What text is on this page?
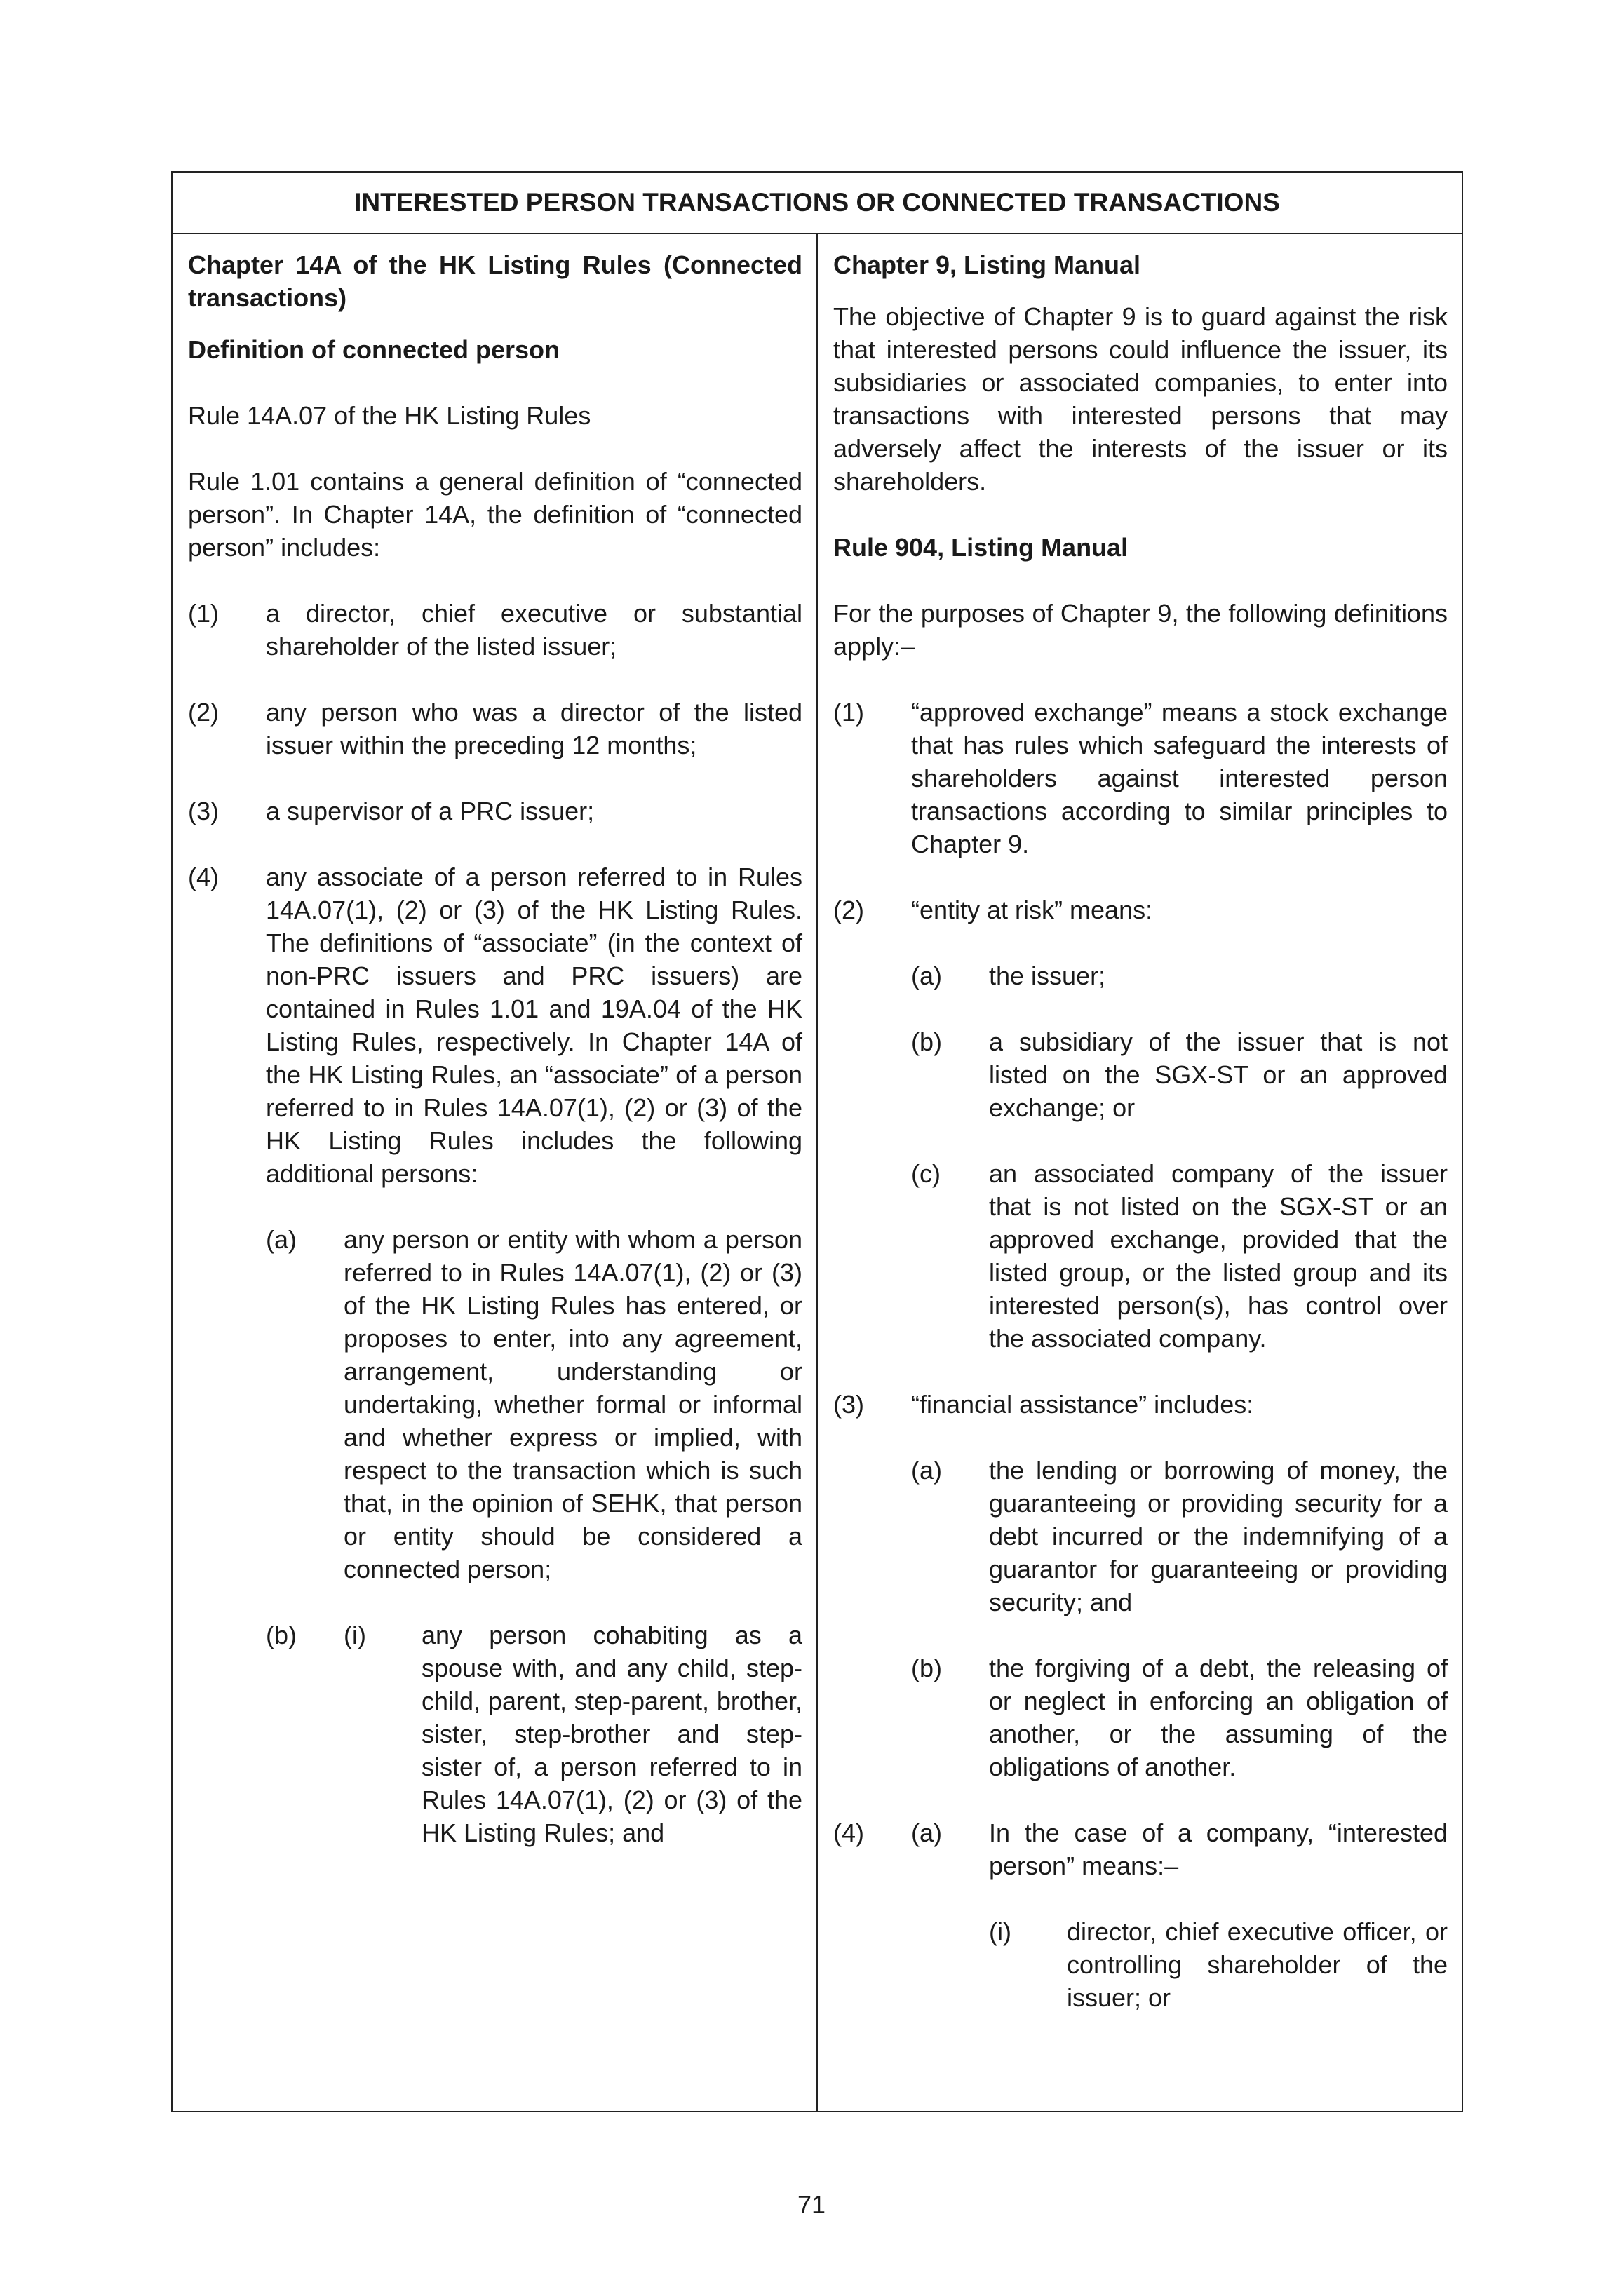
INTERESTED PERSON TRANSACTIONS OR CONNECTED TRANSACTIONS

Chapter 14A of the HK Listing Rules (Connected transactions)

Definition of connected person

Rule 14A.07 of the HK Listing Rules

Rule 1.01 contains a general definition of “connected person”. In Chapter 14A, the definition of “connected person” includes:

(1)	a director, chief executive or substantial shareholder of the listed issuer;
(2)	any person who was a director of the listed issuer within the preceding 12 months;
(3)	a supervisor of a PRC issuer;
(4)	any associate of a person referred to in Rules 14A.07(1), (2) or (3) of the HK Listing Rules. The definitions of “associate” (in the context of non-PRC issuers and PRC issuers) are contained in Rules 1.01 and 19A.04 of the HK Listing Rules, respectively. In Chapter 14A of the HK Listing Rules, an “associate” of a person referred to in Rules 14A.07(1), (2) or (3) of the HK Listing Rules includes the following additional persons:
(a)	any person or entity with whom a person referred to in Rules 14A.07(1), (2) or (3) of the HK Listing Rules has entered, or proposes to enter, into any agreement, arrangement, understanding or undertaking, whether formal or informal and whether express or implied, with respect to the transaction which is such that, in the opinion of SEHK, that person or entity should be considered a connected person;
(b)	(i)	any person cohabiting as a spouse with, and any child, step-child, parent, step-parent, brother, sister, step-brother and step-sister of, a person referred to in Rules 14A.07(1), (2) or (3) of the HK Listing Rules; and

Chapter 9, Listing Manual

The objective of Chapter 9 is to guard against the risk that interested persons could influence the issuer, its subsidiaries or associated companies, to enter into transactions with interested persons that may adversely affect the interests of the issuer or its shareholders.

Rule 904, Listing Manual

For the purposes of Chapter 9, the following definitions apply:–

(1)	“approved exchange” means a stock exchange that has rules which safeguard the interests of shareholders against interested person transactions according to similar principles to Chapter 9.
(2)	“entity at risk” means:
(a)	the issuer;
(b)	a subsidiary of the issuer that is not listed on the SGX-ST or an approved exchange; or
(c)	an associated company of the issuer that is not listed on the SGX-ST or an approved exchange, provided that the listed group, or the listed group and its interested person(s), has control over the associated company.
(3)	“financial assistance” includes:
(a)	the lending or borrowing of money, the guaranteeing or providing security for a debt incurred or the indemnifying of a guarantor for guaranteeing or providing security; and
(b)	the forgiving of a debt, the releasing of or neglect in enforcing an obligation of another, or the assuming of the obligations of another.
(4)	(a)	In the case of a company, “interested person” means:–
(i)	director, chief executive officer, or controlling shareholder of the issuer; or
71
